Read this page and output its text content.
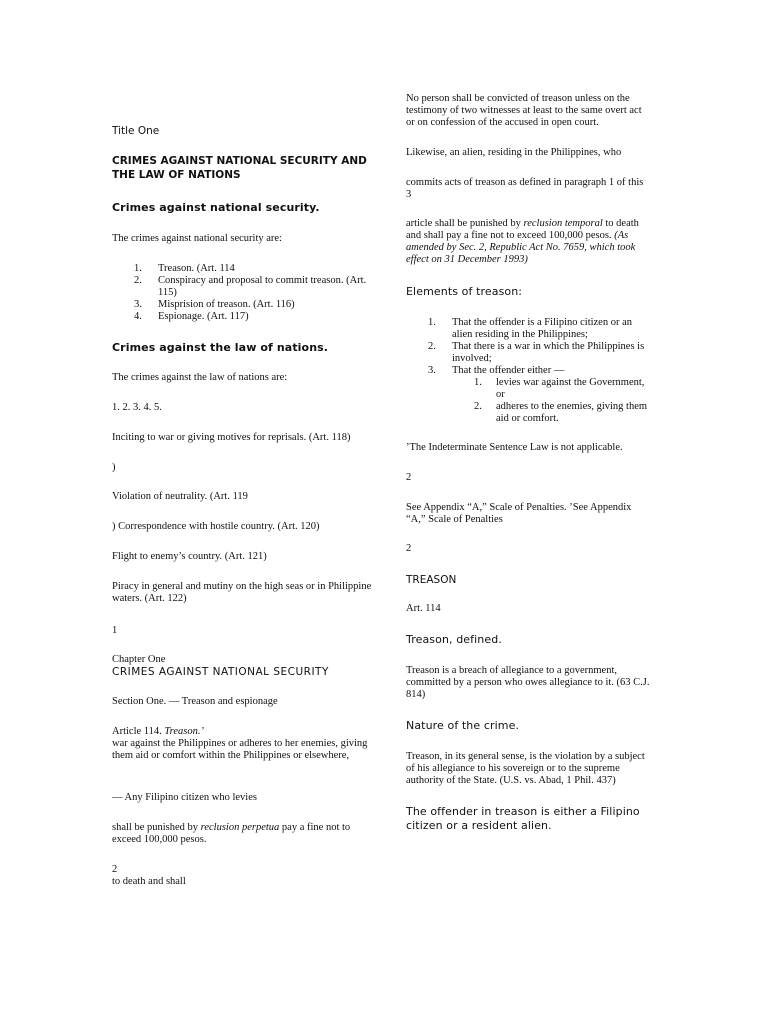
Title One
CRIMES AGAINST NATIONAL SECURITY AND
THE LAW OF NATIONS
Crimes against national security.
The crimes against national security are:
1. Treason. (Art. 114
2. Conspiracy and proposal to commit treason. (Art. 115)
3. Misprision of treason. (Art. 116)
4. Espionage. (Art. 117)
Crimes against the law of nations.
The crimes against the law of nations are:
1. 2. 3. 4. 5.
Inciting to war or giving motives for reprisals. (Art. 118)
)
Violation of neutrality. (Art. 119
) Correspondence with hostile country. (Art. 120)
Flight to enemy’s country. (Art. 121)
Piracy in general and mutiny on the high seas or in Philippine waters. (Art. 122)
1
Chapter One
CRIMES AGAINST NATIONAL SECURITY
Section One. — Treason and espionage
Article 114. Treason.’
war against the Philippines or adheres to her enemies, giving them aid or comfort within the Philippines or elsewhere,
— Any Filipino citizen who levies
shall be punished by reclusion perpetua pay a fine not to exceed 100,000 pesos.
2
to death and shall
No person shall be convicted of treason unless on the testimony of two witnesses at least to the same overt act or on confession of the accused in open court.
Likewise, an alien, residing in the Philippines, who
commits acts of treason as defined in paragraph 1 of this 3
article shall be punished by reclusion temporal to death and shall pay a fine not to exceed 100,000 pesos. (As amended by Sec. 2, Republic Act No. 7659, which took effect on 31 December 1993)
Elements of treason:
1. That the offender is a Filipino citizen or an alien residing in the Philippines;
2. That there is a war in which the Philippines is involved;
3. That the offender either —
1. levies war against the Government, or
2. adheres to the enemies, giving them aid or comfort.
’The Indeterminate Sentence Law is not applicable.
2
See Appendix “A,” Scale of Penalties. ’See Appendix “A,” Scale of Penalties
2
TREASON
Art. 114
Treason, defined.
Treason is a breach of allegiance to a government, committed by a person who owes allegiance to it. (63 C.J. 814)
Nature of the crime.
Treason, in its general sense, is the violation by a subject of his allegiance to his sovereign or to the supreme authority of the State. (U.S. vs. Abad, 1 Phil. 437)
The offender in treason is either a Filipino citizen or a resident alien.
